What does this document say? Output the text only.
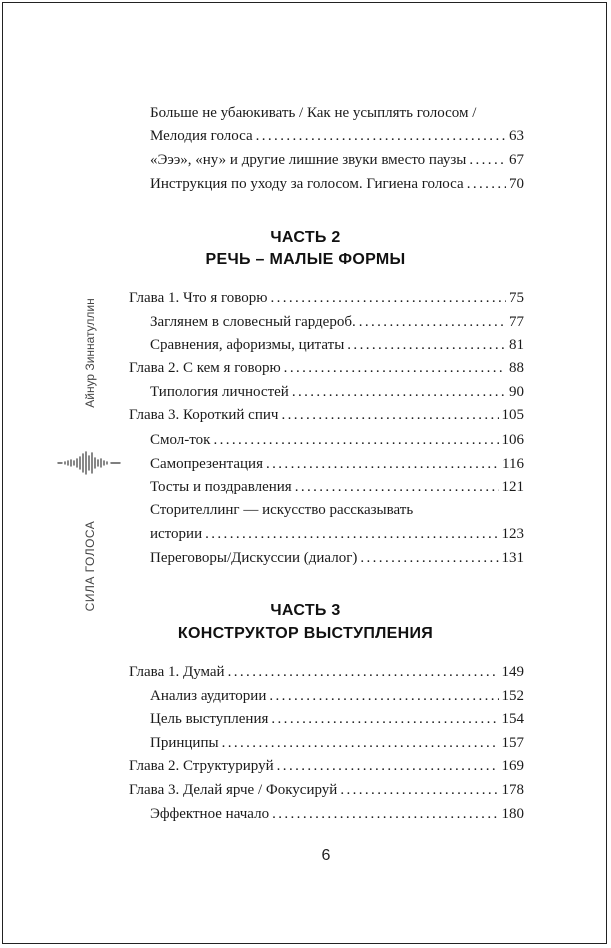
Айнур Зиннатуллин
СИЛА ГОЛОСА
Больше не убаюкивать / Как не усыплять голосом /
Мелодия голоса .....	63
«Эээ», «ну» и другие лишние звуки вместо паузы .....	67
Инструкция по уходу за голосом. Гигиена голоса .....	70
ЧАСТЬ 2
РЕЧЬ – МАЛЫЕ ФОРМЫ
Глава 1. Что я говорю .....	75
Заглянем в словесный гардероб. .....	77
Сравнения, афоризмы, цитаты .....	81
Глава 2. С кем я говорю .....	88
Типология личностей .....	90
Глава 3. Короткий спич .....	105
Смол-ток .....	106
Самопрезентация .....	116
Тосты и поздравления .....	121
Сторителлинг — искусство рассказывать
истории .....	123
Переговоры/Дискуссии (диалог) .....	131
ЧАСТЬ 3
КОНСТРУКТОР ВЫСТУПЛЕНИЯ
Глава 1. Думай .....	149
Анализ аудитории .....	152
Цель выступления .....	154
Принципы .....	157
Глава 2. Структурируй .....	169
Глава 3. Делай ярче / Фокусируй .....	178
Эффектное начало .....	180
6
